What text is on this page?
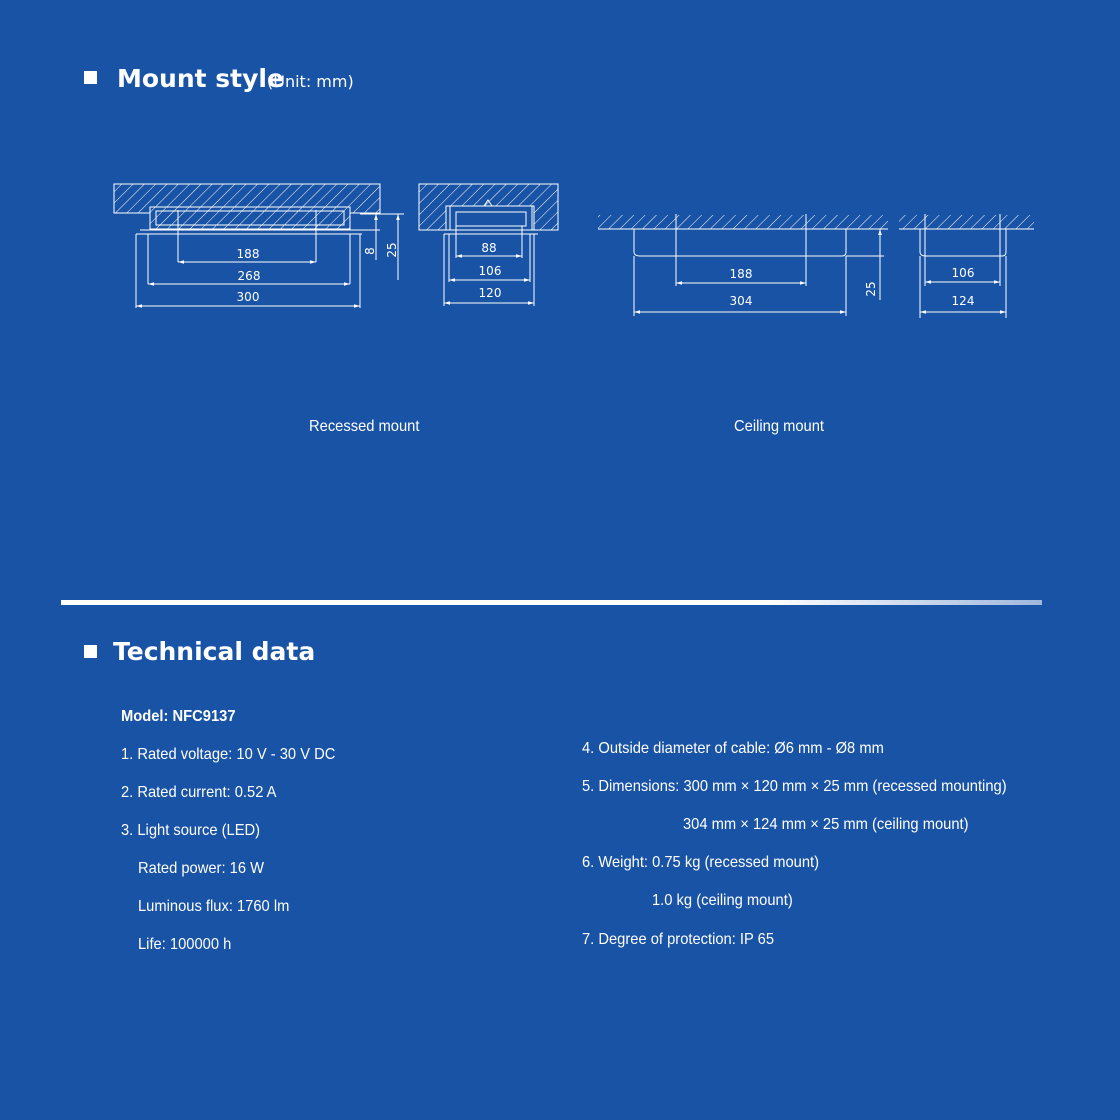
Mount style
(Unit: mm)
188
268
300
8 25	88
106
120
188
304
25
106
124
Recessed mount	Ceiling mount
Technical data
Model: NFC9137
1. Rated voltage: 10 V - 30 V DC
2. Rated current: 0.52 A
3. Light source (LED)
Rated power: 16 W
Luminous flux: 1760 lm
Life: 100000 h
4. Outside diameter of cable: Ø6 mm - Ø8 mm
5. Dimensions: 300 mm × 120 mm × 25 mm (recessed mounting)
304 mm × 124 mm × 25 mm (ceiling mount)
6. Weight: 0.75 kg (recessed mount)
1.0 kg (ceiling mount)
7. Degree of protection: IP 65
